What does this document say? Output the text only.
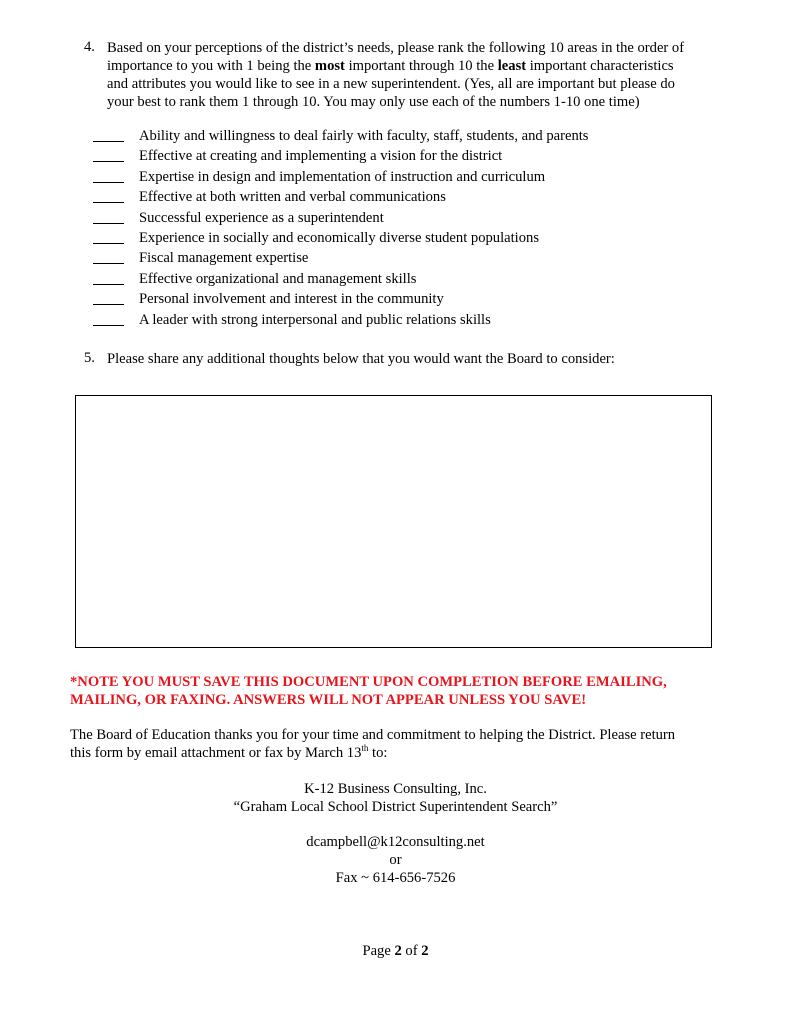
4. Based on your perceptions of the district’s needs, please rank the following 10 areas in the order of
importance to you with 1 being the most important through 10 the least important characteristics
and attributes you would like to see in a new superintendent. (Yes, all are important but please do
your best to rank them 1 through 10. You may only use each of the numbers 1-10 one time)
Ability and willingness to deal fairly with faculty, staff, students, and parents
Effective at creating and implementing a vision for the district
Expertise in design and implementation of instruction and curriculum
Effective at both written and verbal communications
Successful experience as a superintendent
Experience in socially and economically diverse student populations
Fiscal management expertise
Effective organizational and management skills
Personal involvement and interest in the community
A leader with strong interpersonal and public relations skills
5. Please share any additional thoughts below that you would want the Board to consider:
*NOTE YOU MUST SAVE THIS DOCUMENT UPON COMPLETION BEFORE EMAILING,
MAILING, OR FAXING. ANSWERS WILL NOT APPEAR UNLESS YOU SAVE!
The Board of Education thanks you for your time and commitment to helping the District. Please return
this form by email attachment or fax by March 13th to:
K-12 Business Consulting, Inc.
“Graham Local School District Superintendent Search”
dcampbell@k12consulting.net
or
Fax ~ 614-656-7526
Page 2 of 2
